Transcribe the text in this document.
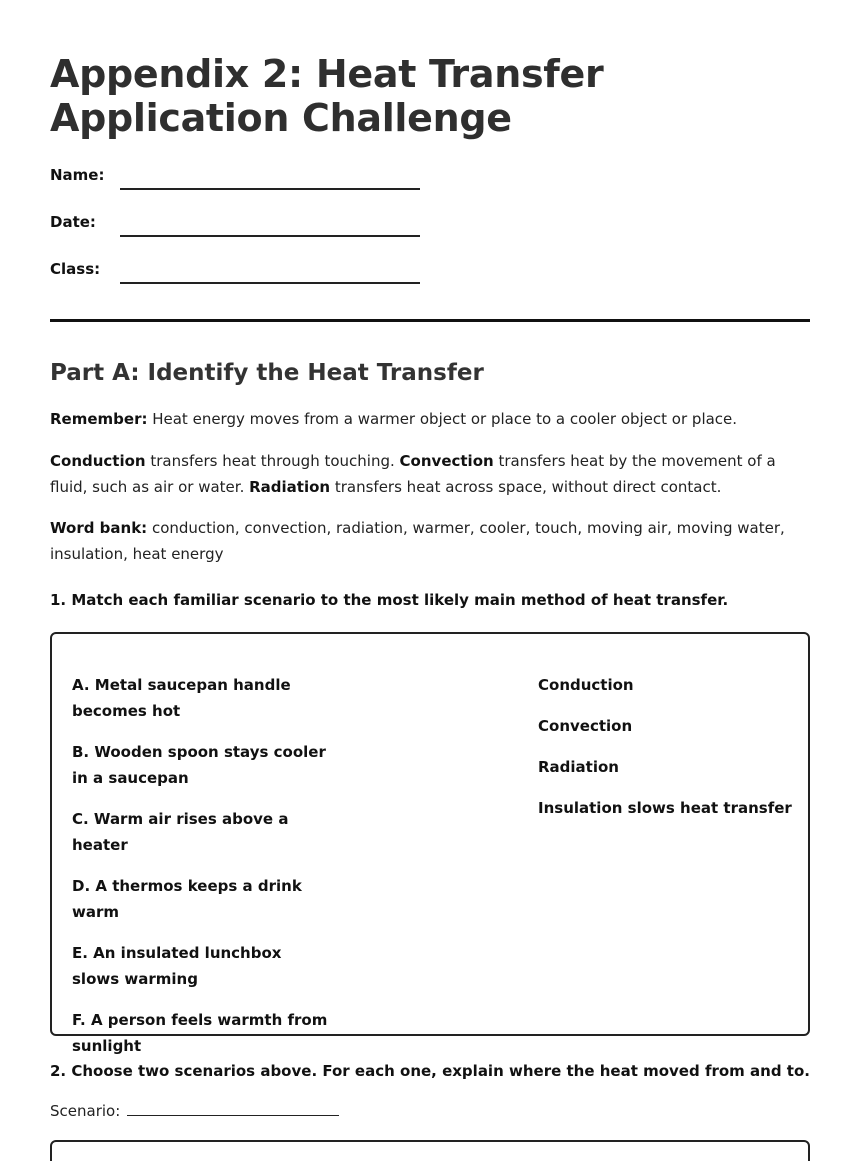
Appendix 2: Heat Transfer Application Challenge
Name:
Date:
Class:
Part A: Identify the Heat Transfer

Remember: Heat energy moves from a warmer object or place to a cooler object or place.

Conduction transfers heat through touching. Convection transfers heat by the movement of a fluid, such as air or water. Radiation transfers heat across space, without direct contact.

Word bank: conduction, convection, radiation, warmer, cooler, touch, moving air, moving water, insulation, heat energy

1. Match each familiar scenario to the most likely main method of heat transfer.

A. Metal saucepan handle becomes hot
B. Wooden spoon stays cooler in a saucepan
C. Warm air rises above a heater
D. A thermos keeps a drink warm
E. An insulated lunchbox slows warming
F. A person feels warmth from sunlight
Conduction
Convection
Radiation
Insulation slows heat transfer

2. Choose two scenarios above. For each one, explain where the heat moved from and to.

Scenario:
